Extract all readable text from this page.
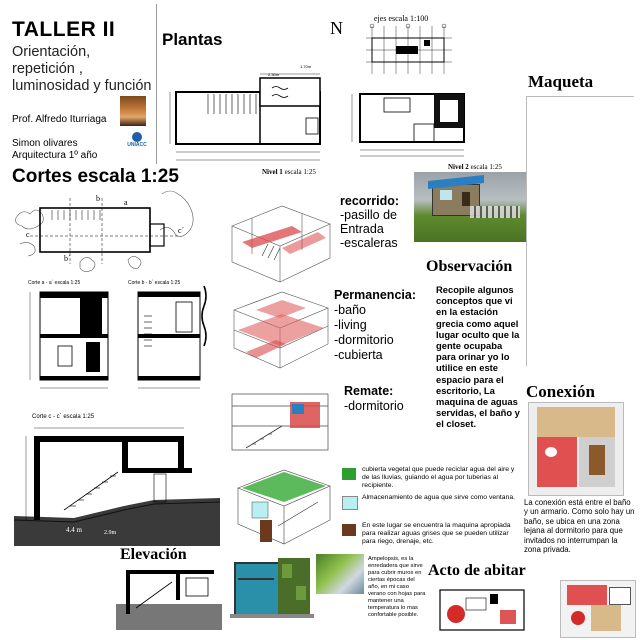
TALLER II
Orientación, repetición , luminosidad y función
Prof. Alfredo Iturriaga
Simon olivares
Arquitectura 1º año
UNIACC
Plantas
N	ejes escala 1:100
2.30m
1.70m
Nivel 1 escala 1:25
Nivel 2 escala 1:25
Maqueta
Cortes escala 1:25
a
b
c	c´
b´
Corte a - a´ escala 1:25	Corte b - b´ escala 1:25
Corte c - c´ escala 1:25
4.4 m	2.9m
recorrido:
-pasillo de Entrada
-escaleras
Permanencia:
-baño
-living
-dormitorio
-cubierta
Remate:
-dormitorio
Observación
Recopile algunos conceptos que vi en la estación grecia como aquel lugar oculto que la gente ocupaba para orinar yo lo utilice en este espacio para el escritorio, La maquina de aguas servidas, el baño y el closet.
Conexión
La conexión está entre el baño y un armario. Como solo hay un baño, se ubica en una zona lejana al dormitorio para que invitados no interrumpan la zona privada.
cubierta vegetal que puede reciclar agua del aire y de las lluvias, guiando el agua por tuberias al recipiente.
Almacenamiento de agua que sirve como ventana.
En este lugar se encuentra la maquina apropiada para realizar aguas grises que se pueden utilizar para riego, drenaje, etc.
Elevación	Ampelopsis, es la enredadera que sirve para cubrir muros en ciertas épocas del año, en mi caso verano con hojas para mantener una temperatura lo mas confortable posible.
Acto de abitar
